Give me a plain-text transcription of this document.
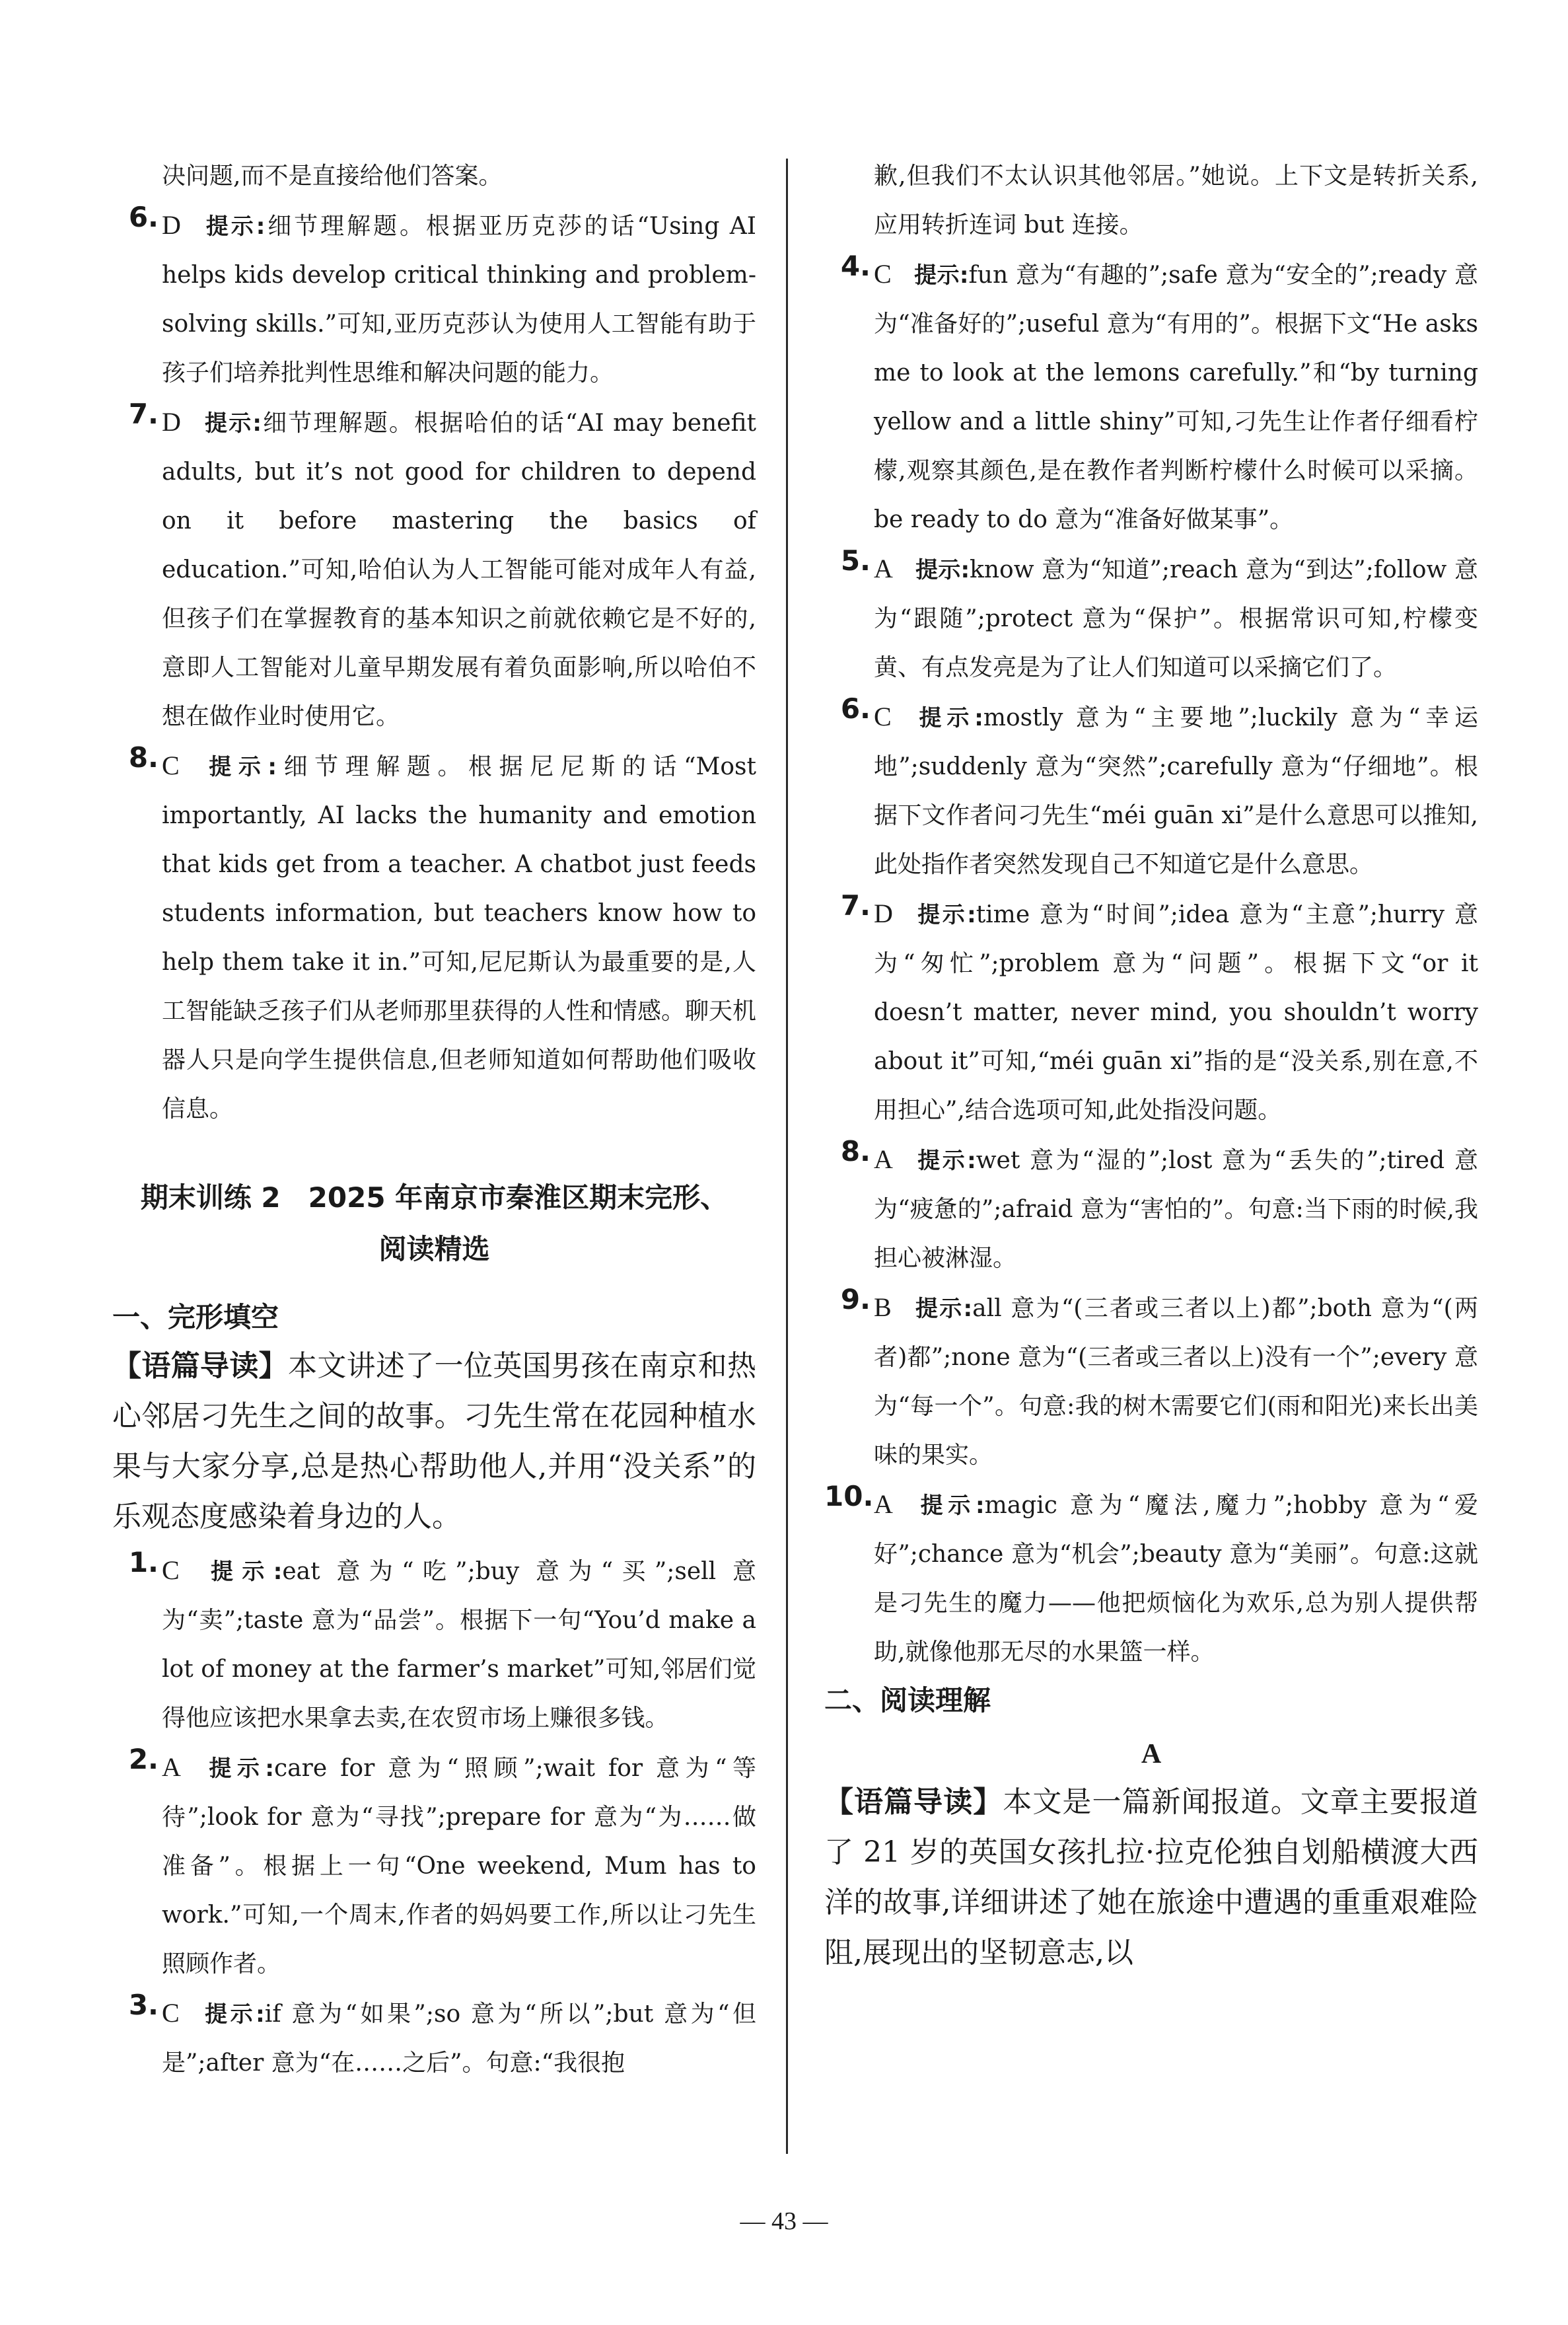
决问题,而不是直接给他们答案。

6. D 提示:细节理解题。根据亚历克莎的话“Using AI helps kids develop critical thinking and problem-solving skills.”可知,亚历克莎认为使用人工智能有助于孩子们培养批判性思维和解决问题的能力。

7. D 提示:细节理解题。根据哈伯的话“AI may benefit adults, but it’s not good for children to depend on it before mastering the basics of education.”可知,哈伯认为人工智能可能对成年人有益,但孩子们在掌握教育的基本知识之前就依赖它是不好的,意即人工智能对儿童早期发展有着负面影响,所以哈伯不想在做作业时使用它。

8. C 提示:细节理解题。根据尼尼斯的话“Most importantly, AI lacks the humanity and emotion that kids get from a teacher. A chatbot just feeds students information, but teachers know how to help them take it in.”可知,尼尼斯认为最重要的是,人工智能缺乏孩子们从老师那里获得的人性和情感。聊天机器人只是向学生提供信息,但老师知道如何帮助他们吸收信息。

期末训练 2　2025 年南京市秦淮区期末完形、
阅读精选

一、完形填空

【语篇导读】本文讲述了一位英国男孩在南京和热心邻居刁先生之间的故事。刁先生常在花园种植水果与大家分享,总是热心帮助他人,并用“没关系”的乐观态度感染着身边的人。

1. C 提示:eat 意为“吃”;buy 意为“买”;sell 意为“卖”;taste 意为“品尝”。根据下一句“You’d make a lot of money at the farmer’s market”可知,邻居们觉得他应该把水果拿去卖,在农贸市场上赚很多钱。

2. A 提示:care for 意为“照顾”;wait for 意为“等待”;look for 意为“寻找”;prepare for 意为“为……做准备”。根据上一句“One weekend, Mum has to work.”可知,一个周末,作者的妈妈要工作,所以让刁先生照顾作者。

3. C 提示:if 意为“如果”;so 意为“所以”;but 意为“但是”;after 意为“在……之后”。句意:“我很抱

歉,但我们不太认识其他邻居。”她说。上下文是转折关系,应用转折连词 but 连接。

4. C 提示:fun 意为“有趣的”;safe 意为“安全的”;ready 意为“准备好的”;useful 意为“有用的”。根据下文“He asks me to look at the lemons carefully.”和“by turning yellow and a little shiny”可知,刁先生让作者仔细看柠檬,观察其颜色,是在教作者判断柠檬什么时候可以采摘。be ready to do 意为“准备好做某事”。

5. A 提示:know 意为“知道”;reach 意为“到达”;follow 意为“跟随”;protect 意为“保护”。根据常识可知,柠檬变黄、有点发亮是为了让人们知道可以采摘它们了。

6. C 提示:mostly 意为“主要地”;luckily 意为“幸运地”;suddenly 意为“突然”;carefully 意为“仔细地”。根据下文作者问刁先生“méi guān xi”是什么意思可以推知,此处指作者突然发现自己不知道它是什么意思。

7. D 提示:time 意为“时间”;idea 意为“主意”;hurry 意为“匆忙”;problem 意为“问题”。根据下文“or it doesn’t matter, never mind, you shouldn’t worry about it”可知,“méi guān xi”指的是“没关系,别在意,不用担心”,结合选项可知,此处指没问题。

8. A 提示:wet 意为“湿的”;lost 意为“丢失的”;tired 意为“疲惫的”;afraid 意为“害怕的”。句意:当下雨的时候,我担心被淋湿。

9. B 提示:all 意为“(三者或三者以上)都”;both 意为“(两者)都”;none 意为“(三者或三者以上)没有一个”;every 意为“每一个”。句意:我的树木需要它们(雨和阳光)来长出美味的果实。

10. A 提示:magic 意为“魔法,魔力”;hobby 意为“爱好”;chance 意为“机会”;beauty 意为“美丽”。句意:这就是刁先生的魔力——他把烦恼化为欢乐,总为别人提供帮助,就像他那无尽的水果篮一样。

二、阅读理解

A

【语篇导读】本文是一篇新闻报道。文章主要报道了 21 岁的英国女孩扎拉·拉克伦独自划船横渡大西洋的故事,详细讲述了她在旅途中遭遇的重重艰难险阻,展现出的坚韧意志,以

— 43 —
